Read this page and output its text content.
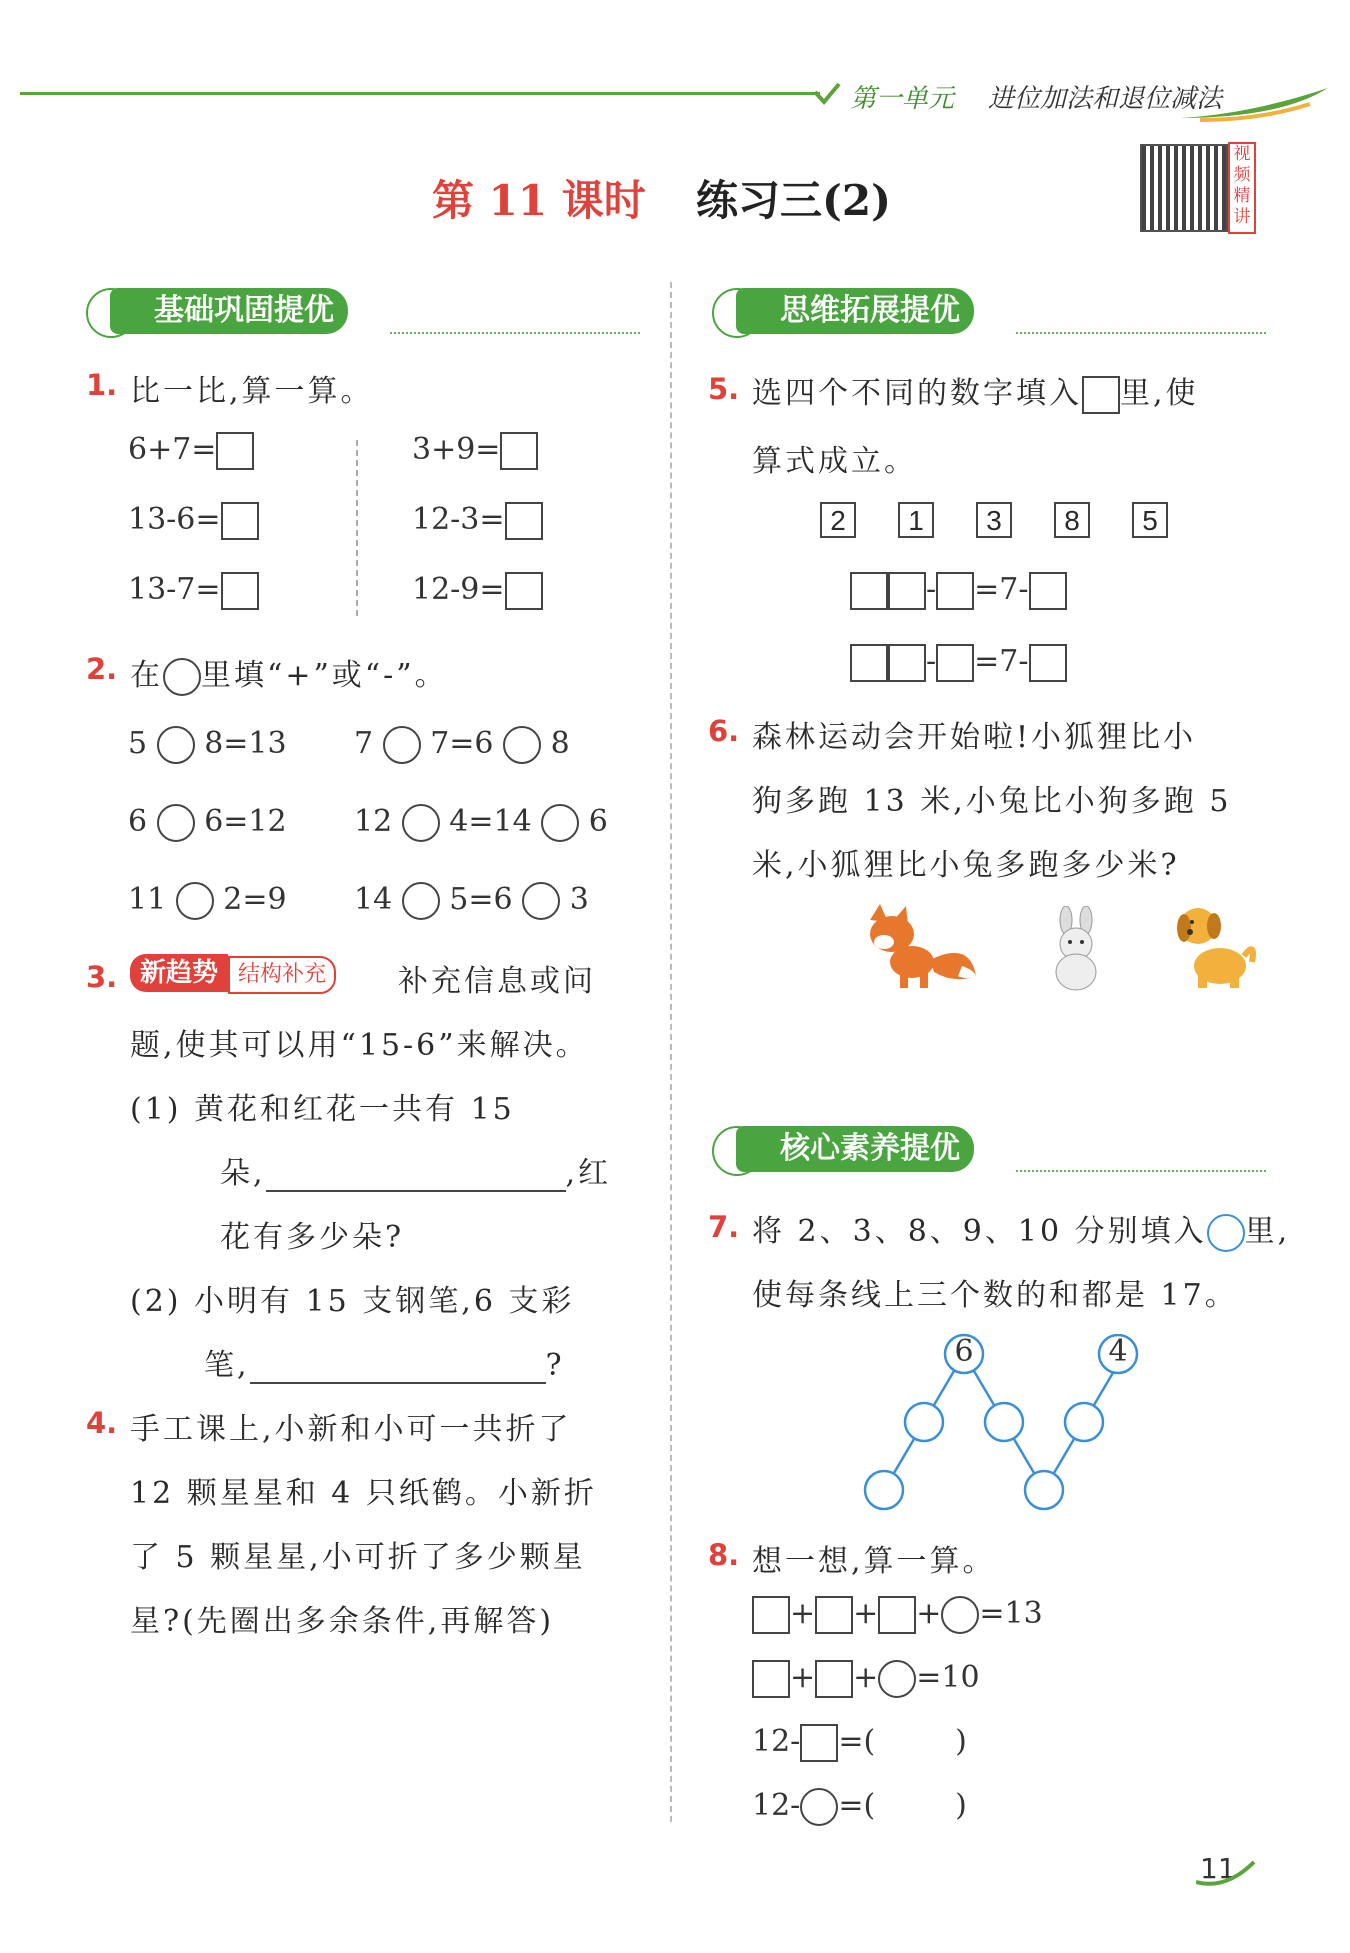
第一单元 进位加法和退位减法
第 11 课时 练习三(2)
视频精讲
基础巩固提优	思维拓展提优
核心素养提优
1. 比一比,算一算。
6+7=
13-6=
13-7=
3+9=
12-3=
12-9=
2. 在 里填“+”或“-”。
5 8=13 7 7=6 8
6 6=12 12 4=14 6
11 2=9 14 5=6 3
3. 新趋势 结构补充	补充信息或问
题,使其可以用“15-6”来解决。
(1) 黄花和红花一共有 15
朵,	,红
花有多少朵?
(2) 小明有 15 支钢笔,6 支彩
笔,	?
4. 手工课上,小新和小可一共折了
12 颗星星和 4 只纸鹤。小新折
了 5 颗星星,小可折了多少颗星
星?(先圈出多余条件,再解答)
5. 选四个不同的数字填入 里,使
算式成立。
2 1 3 8 5
- =7-
- =7-
6. 森林运动会开始啦!小狐狸比小
狗多跑 13 米,小兔比小狗多跑 5
米,小狐狸比小兔多跑多少米?
7. 将 2、3、8、9、10 分别填入 里,
使每条线上三个数的和都是 17。
6	4
8. 想一想,算一算。
+ + + =13
+ + =10
12- =(	)
12- =(	)
11
